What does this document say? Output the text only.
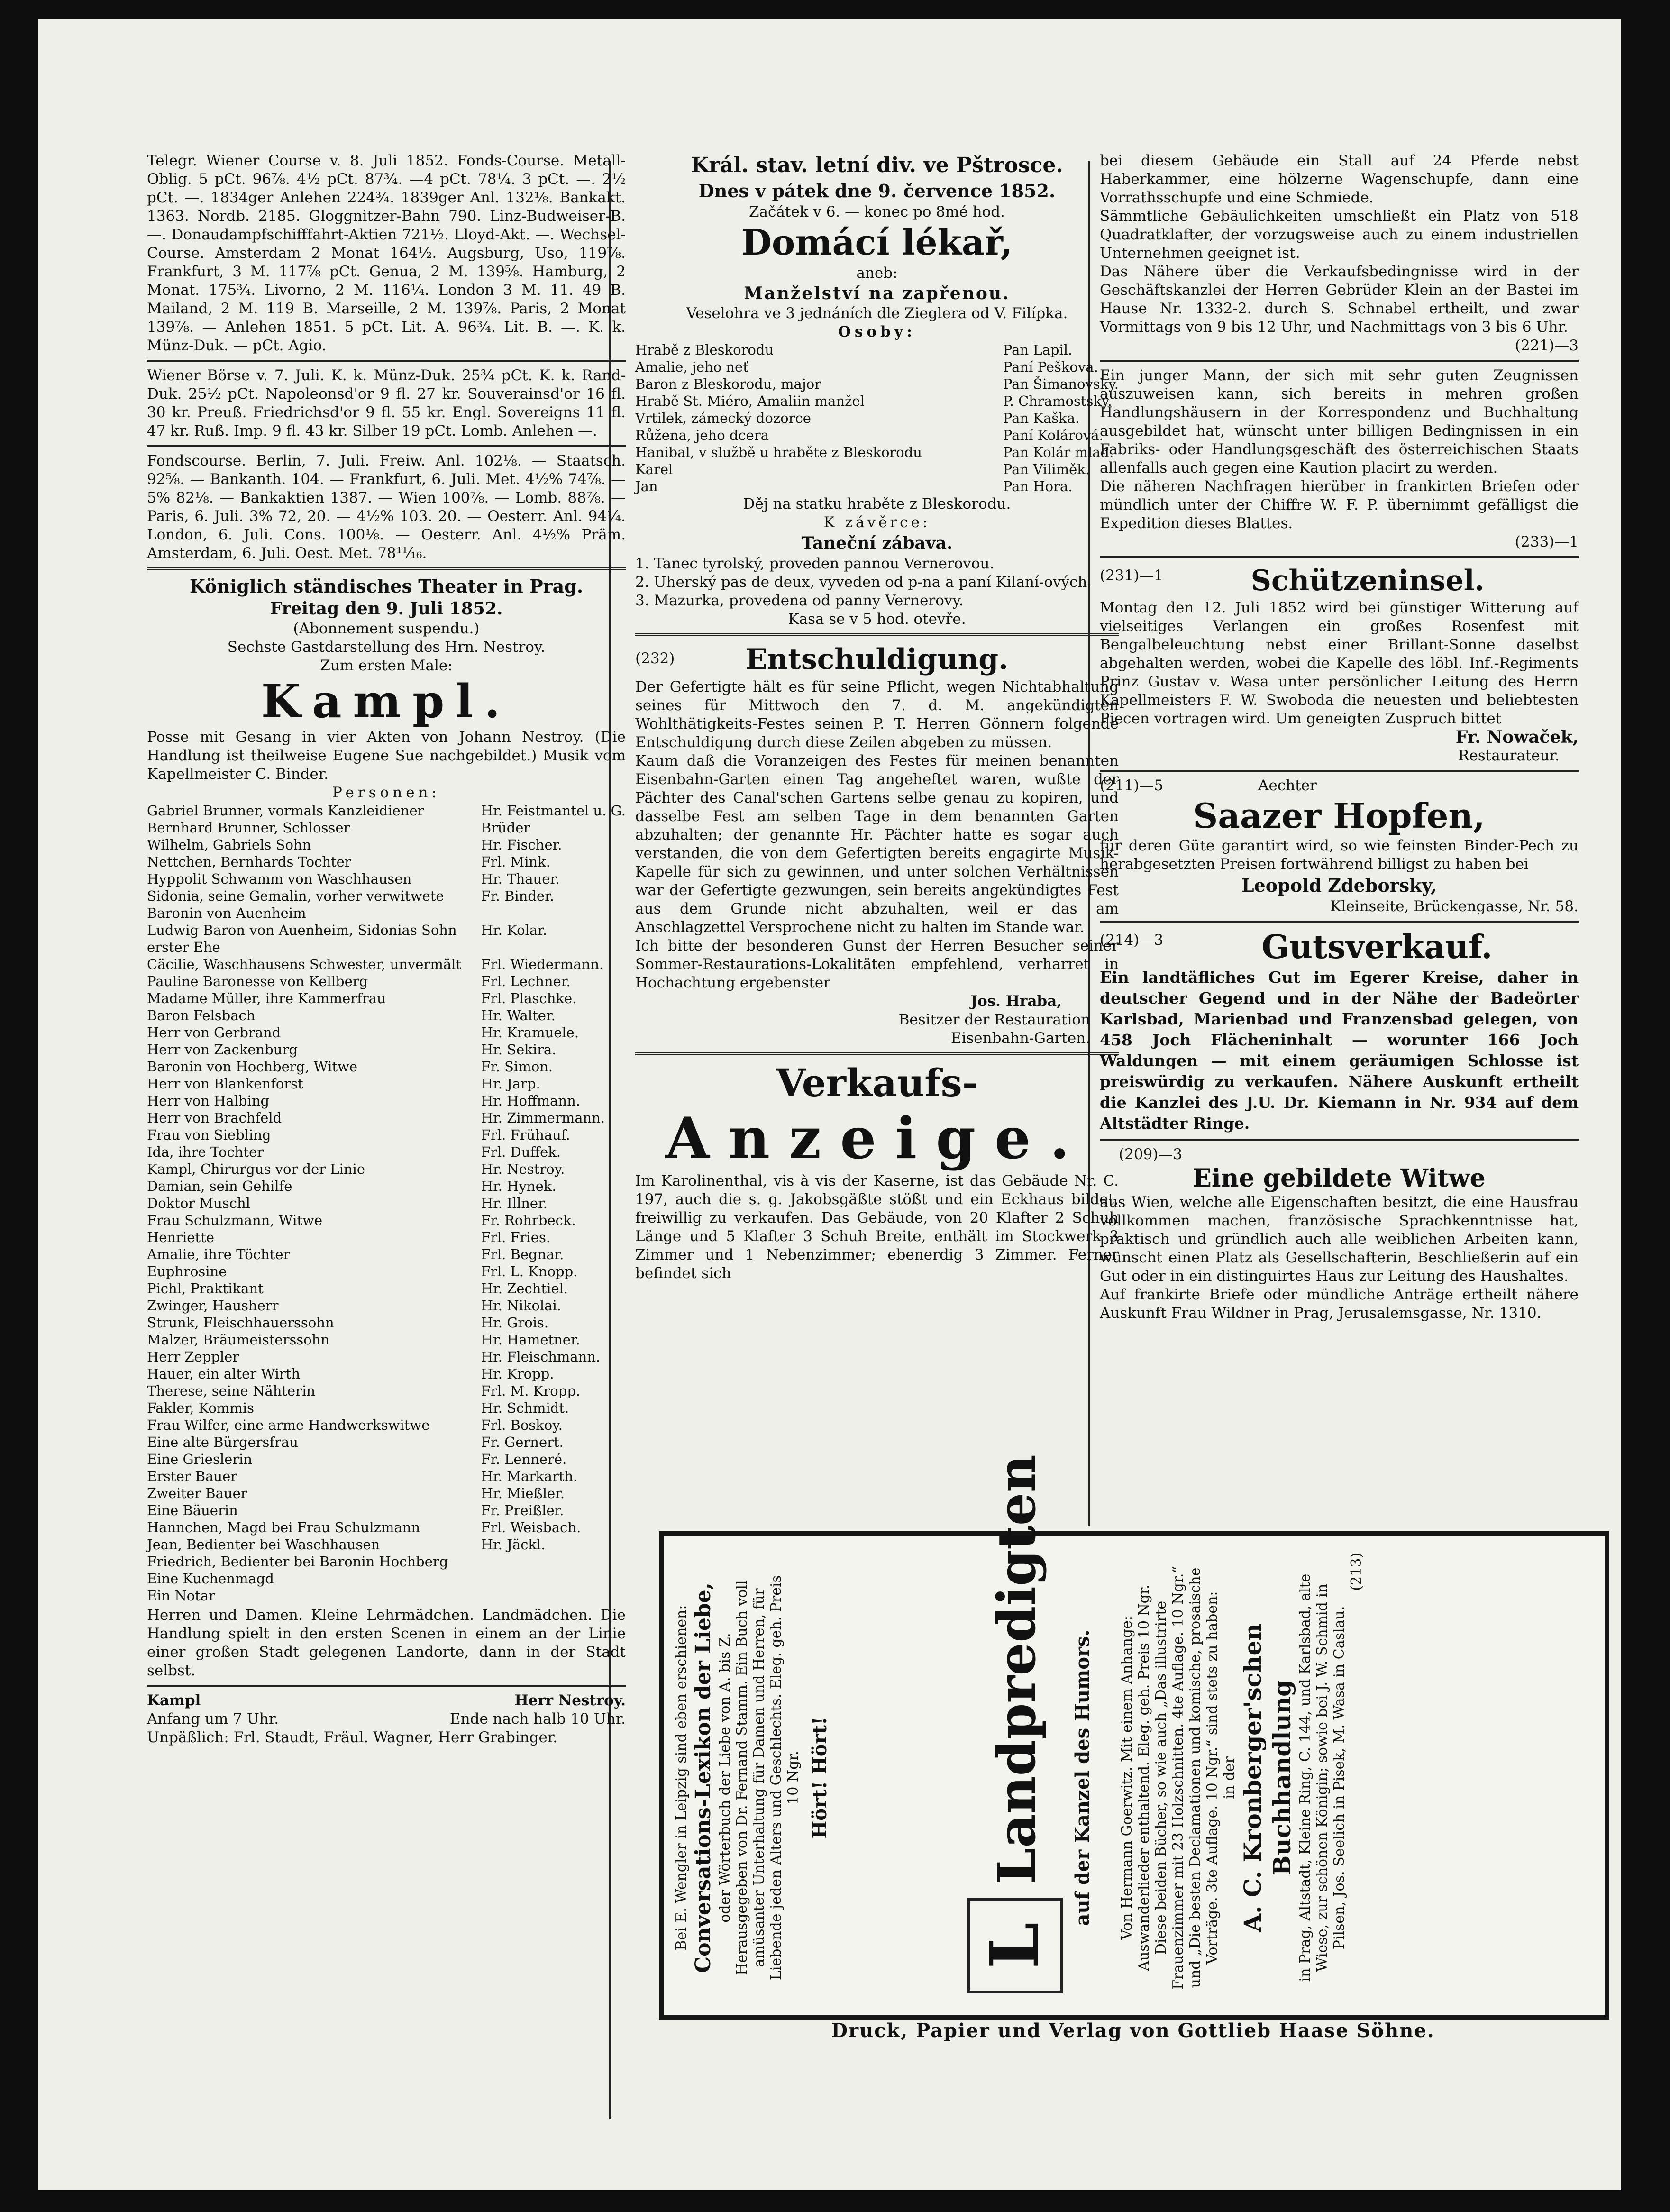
Telegr. Wiener Course v. 8. Juli 1852. Fonds-Course. Metall-Oblig. 5 pCt. 96⅞. 4½ pCt. 87¾. —4 pCt. 78¼. 3 pCt. —. 2½ pCt. —. 1834ger Anlehen 224¾. 1839ger Anl. 132⅛. Bankakt. 1363. Nordb. 2185. Gloggnitzer-Bahn 790. Linz-Budweiser-B. —. Donaudampfschifffahrt-Aktien 721½. Lloyd-Akt. —. Wechsel-Course. Amsterdam 2 Monat 164½. Augsburg, Uso, 119⅞. Frankfurt, 3 M. 117⅞ pCt. Genua, 2 M. 139⅝. Hamburg, 2 Monat. 175¾. Livorno, 2 M. 116¼. London 3 M. 11. 49 B. Mailand, 2 M. 119 B. Marseille, 2 M. 139⅞. Paris, 2 Monat 139⅞. — Anlehen 1851. 5 pCt. Lit. A. 96¾. Lit. B. —. K. k. Münz-Duk. — pCt. Agio.

Wiener Börse v. 7. Juli. K. k. Münz-Duk. 25¾ pCt. K. k. Rand-Duk. 25½ pCt. Napoleonsd'or 9 fl. 27 kr. Souverainsd'or 16 fl. 30 kr. Preuß. Friedrichsd'or 9 fl. 55 kr. Engl. Sovereigns 11 fl. 47 kr. Ruß. Imp. 9 fl. 43 kr. Silber 19 pCt. Lomb. Anlehen —.

Fondscourse. Berlin, 7. Juli. Freiw. Anl. 102⅛. — Staatsch. 92⅝. — Bankanth. 104. — Frankfurt, 6. Juli. Met. 4½% 74⅞. — 5% 82⅛. — Bankaktien 1387. — Wien 100⅞. — Lomb. 88⅞. — Paris, 6. Juli. 3% 72, 20. — 4½% 103. 20. — Oesterr. Anl. 94¼. London, 6. Juli. Cons. 100⅛. — Oesterr. Anl. 4½% Präm. Amsterdam, 6. Juli. Oest. Met. 78¹¹⁄₁₆.

Königlich ständisches Theater in Prag.

Freitag den 9. Juli 1852.

(Abonnement suspendu.)

Sechste Gastdarstellung des Hrn. Nestroy.

Zum ersten Male:

Kampl.

Posse mit Gesang in vier Akten von Johann Nestroy. (Die Handlung ist theilweise Eugene Sue nachgebildet.) Musik vom Kapellmeister C. Binder.

Personen:

Gabriel Brunner, vormals Kanzleidiener	Hr. Feistmantel u. G.
Bernhard Brunner, Schlosser	Brüder
Wilhelm, Gabriels Sohn	Hr. Fischer.
Nettchen, Bernhards Tochter	Frl. Mink.
Hyppolit Schwamm von Waschhausen	Hr. Thauer.
Sidonia, seine Gemalin, vorher verwitwete Baronin von Auenheim	Fr. Binder.
Ludwig Baron von Auenheim, Sidonias Sohn erster Ehe	Hr. Kolar.
Cäcilie, Waschhausens Schwester, unvermält	Frl. Wiedermann.
Pauline Baronesse von Kellberg	Frl. Lechner.
Madame Müller, ihre Kammerfrau	Frl. Plaschke.
Baron Felsbach	Hr. Walter.
Herr von Gerbrand	Hr. Kramuele.
Herr von Zackenburg	Hr. Sekira.
Baronin von Hochberg, Witwe	Fr. Simon.
Herr von Blankenforst	Hr. Jarp.
Herr von Halbing	Hr. Hoffmann.
Herr von Brachfeld	Hr. Zimmermann.
Frau von Siebling	Frl. Frühauf.
Ida, ihre Tochter	Frl. Duffek.
Kampl, Chirurgus vor der Linie	Hr. Nestroy.
Damian, sein Gehilfe	Hr. Hynek.
Doktor Muschl	Hr. Illner.
Frau Schulzmann, Witwe	Fr. Rohrbeck.
Henriette	Frl. Fries.
Amalie, ihre Töchter	Frl. Begnar.
Euphrosine	Frl. L. Knopp.
Pichl, Praktikant	Hr. Zechtiel.
Zwinger, Hausherr	Hr. Nikolai.
Strunk, Fleischhauerssohn	Hr. Grois.
Malzer, Bräumeisterssohn	Hr. Hametner.
Herr Zeppler	Hr. Fleischmann.
Hauer, ein alter Wirth	Hr. Kropp.
Therese, seine Nähterin	Frl. M. Kropp.
Fakler, Kommis	Hr. Schmidt.
Frau Wilfer, eine arme Handwerkswitwe	Frl. Boskoy.
Eine alte Bürgersfrau	Fr. Gernert.
Eine Grieslerin	Fr. Lenneré.
Erster Bauer	Hr. Markarth.
Zweiter Bauer	Hr. Mießler.
Eine Bäuerin	Fr. Preißler.
Hannchen, Magd bei Frau Schulzmann	Frl. Weisbach.
Jean, Bedienter bei Waschhausen	Hr. Jäckl.
Friedrich, Bedienter bei Baronin Hochberg	
Eine Kuchenmagd	
Ein Notar	

Herren und Damen. Kleine Lehrmädchen. Landmädchen. Die Handlung spielt in den ersten Scenen in einem an der Linie einer großen Stadt gelegenen Landorte, dann in der Stadt selbst.

Kampl	Herr Nestroy.
Anfang um 7 Uhr.	Ende nach halb 10 Uhr.

Unpäßlich: Frl. Staudt, Fräul. Wagner, Herr Grabinger.

Král. stav. letní div. ve Pštrosce.

Dnes v pátek dne 9. července 1852.

Začátek v 6. — konec po 8mé hod.

Domácí lékař,

aneb:

Manželství na zapřenou.

Veselohra ve 3 jednáních dle Zieglera od V. Filípka.

Osoby:

Hrabě z Bleskorodu	Pan Lapil.
Amalie, jeho neť	Paní Peškova.
Baron z Bleskorodu, major	Pan Šimanovský.
Hrabě St. Miéro, Amaliin manžel	P. Chramostský.
Vrtilek, zámecký dozorce	Pan Kaška.
Růžena, jeho dcera	Paní Kolárová.
Hanibal, v službě u hraběte z Bleskorodu	Pan Kolár mlad.
Karel	Pan Viliměk.
Jan	Pan Hora.

Děj na statku hraběte z Bleskorodu.

K závěrce:

Taneční zábava.

1. Tanec tyrolský, proveden pannou Vernerovou.

2. Uherský pas de deux, vyveden od p-na a paní Kilaní-ových.

3. Mazurka, provedena od panny Vernerovy.

Kasa se v 5 hod. otevře.

(232)	Entschuldigung.

Der Gefertigte hält es für seine Pflicht, wegen Nichtabhaltung seines für Mittwoch den 7. d. M. angekündigten Wohlthätigkeits-Festes seinen P. T. Herren Gönnern folgende Entschuldigung durch diese Zeilen abgeben zu müssen.

Kaum daß die Voranzeigen des Festes für meinen benannten Eisenbahn-Garten einen Tag angeheftet waren, wußte der Pächter des Canal'schen Gartens selbe genau zu kopiren, und dasselbe Fest am selben Tage in dem benannten Garten abzuhalten; der genannte Hr. Pächter hatte es sogar auch verstanden, die von dem Gefertigten bereits engagirte Musik-Kapelle für sich zu gewinnen, und unter solchen Verhältnissen war der Gefertigte gezwungen, sein bereits angekündigtes Fest aus dem Grunde nicht abzuhalten, weil er das am Anschlagzettel Versprochene nicht zu halten im Stande war.

Ich bitte der besonderen Gunst der Herren Besucher seiner Sommer-Restaurations-Lokalitäten empfehlend, verharret in Hochachtung ergebenster

Jos. Hraba,

Besitzer der Restauration

Eisenbahn-Garten.

Verkaufs-

Anzeige.

Im Karolinenthal, vis à vis der Kaserne, ist das Gebäude Nr. C. 197, auch die s. g. Jakobsgäßte stößt und ein Eckhaus bildet, freiwillig zu verkaufen. Das Gebäude, von 20 Klafter 2 Schuh Länge und 5 Klafter 3 Schuh Breite, enthält im Stockwerk 3 Zimmer und 1 Nebenzimmer; ebenerdig 3 Zimmer. Ferner befindet sich

bei diesem Gebäude ein Stall auf 24 Pferde nebst Haberkammer, eine hölzerne Wagenschupfe, dann eine Vorrathsschupfe und eine Schmiede.

Sämmtliche Gebäulichkeiten umschließt ein Platz von 518 Quadratklafter, der vorzugsweise auch zu einem industriellen Unternehmen geeignet ist.

Das Nähere über die Verkaufsbedingnisse wird in der Geschäftskanzlei der Herren Gebrüder Klein an der Bastei im Hause Nr. 1332-2. durch S. Schnabel ertheilt, und zwar Vormittags von 9 bis 12 Uhr, und Nachmittags von 3 bis 6 Uhr.

(221)—3

Ein junger Mann, der sich mit sehr guten Zeugnissen auszuweisen kann, sich bereits in mehren großen Handlungshäusern in der Korrespondenz und Buchhaltung ausgebildet hat, wünscht unter billigen Bedingnissen in ein Fabriks- oder Handlungsgeschäft des österreichischen Staats allenfalls auch gegen eine Kaution placirt zu werden.

Die näheren Nachfragen hierüber in frankirten Briefen oder mündlich unter der Chiffre W. F. P. übernimmt gefälligst die Expedition dieses Blattes.

(233)—1

(231)—1	Schützeninsel.

Montag den 12. Juli 1852 wird bei günstiger Witterung auf vielseitiges Verlangen ein großes Rosenfest mit Bengalbeleuchtung nebst einer Brillant-Sonne daselbst abgehalten werden, wobei die Kapelle des löbl. Inf.-Regiments Prinz Gustav v. Wasa unter persönlicher Leitung des Herrn Kapellmeisters F. W. Swoboda die neuesten und beliebtesten Piecen vortragen wird. Um geneigten Zuspruch bittet

Fr. Nowaček,

Restaurateur.

(211)—5	Aechter

Saazer Hopfen,

für deren Güte garantirt wird, so wie feinsten Binder-Pech zu herabgesetzten Preisen fortwährend billigst zu haben bei

Leopold Zdeborsky,

Kleinseite, Brückengasse, Nr. 58.

(214)—3	Gutsverkauf.

Ein landtäfliches Gut im Egerer Kreise, daher in deutscher Gegend und in der Nähe der Badeörter Karlsbad, Marienbad und Franzensbad gelegen, von 458 Joch Flächeninhalt — worunter 166 Joch Waldungen — mit einem geräumigen Schlosse ist preiswürdig zu verkaufen. Nähere Auskunft ertheilt die Kanzlei des J.U. Dr. Kiemann in Nr. 934 auf dem Altstädter Ringe.

(209)—3

Eine gebildete Witwe

aus Wien, welche alle Eigenschaften besitzt, die eine Hausfrau vollkommen machen, französische Sprachkenntnisse hat, praktisch und gründlich auch alle weiblichen Arbeiten kann, wünscht einen Platz als Gesellschafterin, Beschließerin auf ein Gut oder in ein distinguirtes Haus zur Leitung des Haushaltes.

Auf frankirte Briefe oder mündliche Anträge ertheilt nähere Auskunft Frau Wildner in Prag, Jerusalemsgasse, Nr. 1310.

Bei E. Wengler in Leipzig sind eben erschienen: Conversations-Lexikon der Liebe, oder Wörterbuch der Liebe von A. bis Z. Herausgegeben von Dr. Fernand Stamm. Ein Buch voll amüsanter Unterhaltung für Damen und Herren, für Liebende jeden Alters und Geschlechts. Eleg. geh. Preis 10 Ngr. Hört! Hört!

L
Landpredigten auf der Kanzel des Humors. Von Hermann Goerwitz. Mit einem Anhange: Auswanderlieder enthaltend. Eleg. geh. Preis 10 Ngr. Diese beiden Bücher, so wie auch „Das illustrirte Frauenzimmer mit 23 Holzschnitten. 4te Auflage. 10 Ngr.“ und „Die besten Declamationen und komische, prosaische Vorträge. 3te Auflage. 10 Ngr.“ sind stets zu haben: in der A. C. Kronberger'schen Buchhandlung in Prag, Altstadt, Kleine Ring, C. 144, und Karlsbad, alte Wiese, zur schönen Königin; sowie bei J. W. Schmid in Pilsen, Jos. Seelich in Pisek, M. Wasa in Caslau.

(213)

Druck, Papier und Verlag von Gottlieb Haase Söhne.
